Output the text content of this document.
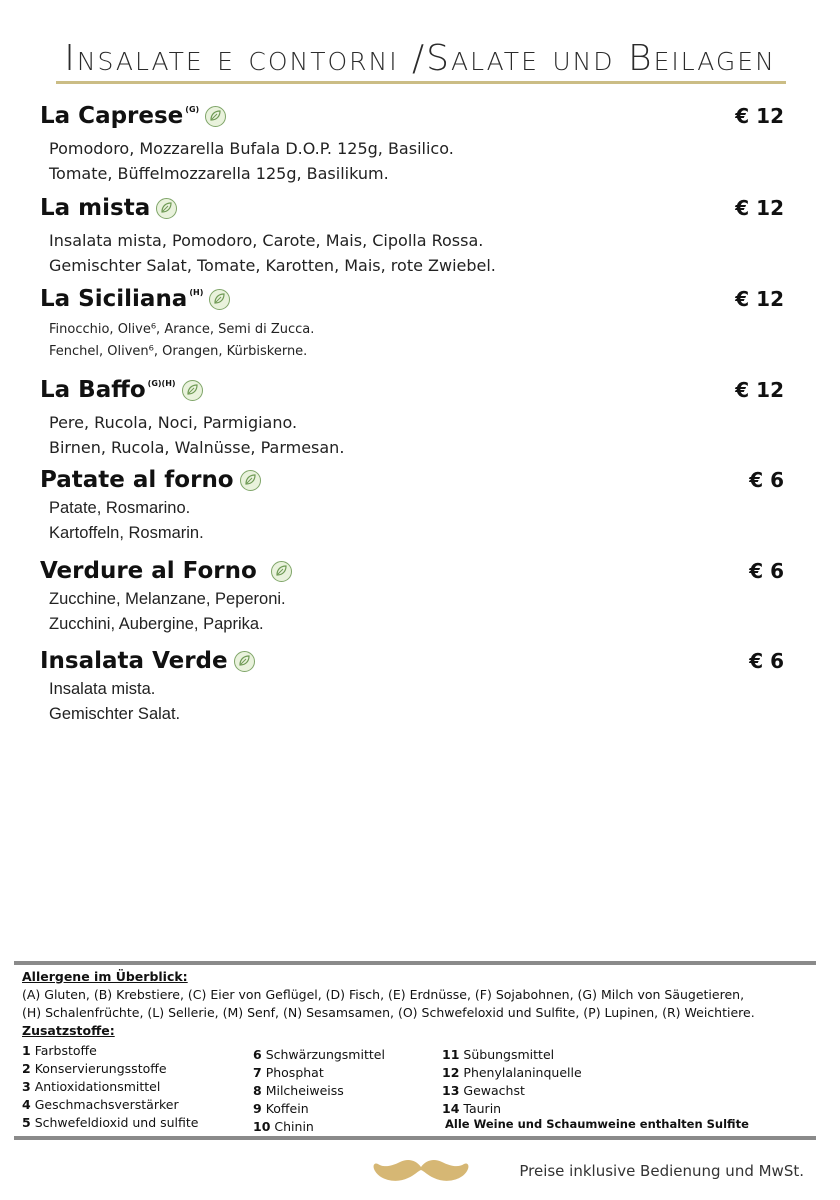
Insalate e contorni /Salate und Beilagen
La Caprese (G)	€ 12
Pomodoro, Mozzarella Bufala D.O.P. 125g, Basilico.
Tomate, Büffelmozzarella 125g, Basilikum.
La mista	€ 12
Insalata mista, Pomodoro, Carote, Mais, Cipolla Rossa.
Gemischter Salat, Tomate, Karotten, Mais, rote Zwiebel.
La Siciliana (H)	€ 12
Finocchio, Olive⁶, Arance, Semi di Zucca.
Fenchel, Oliven⁶, Orangen, Kürbiskerne.
La Baffo (G)(H)	€ 12
Pere, Rucola, Noci, Parmigiano.
Birnen, Rucola, Walnüsse, Parmesan.
Patate al forno	€ 6
Patate, Rosmarino.
Kartoffeln, Rosmarin.
Verdure al Forno	€ 6
Zucchine, Melanzane, Peperoni.
Zucchini, Aubergine, Paprika.
Insalata Verde	€ 6
Insalata mista.
Gemischter Salat.
Allergene im Überblick:
(A) Gluten, (B) Krebstiere, (C) Eier von Geflügel, (D) Fisch, (E) Erdnüsse, (F) Sojabohnen, (G) Milch von Säugetieren,
(H) Schalenfrüchte, (L) Sellerie, (M) Senf, (N) Sesamsamen, (O) Schwefeloxid und Sulfite, (P) Lupinen, (R) Weichtiere.
Zusatzstoffe:
1 Farbstoffe
2 Konservierungsstoffe
3 Antioxidationsmittel
4 Geschmachsverstärker
5 Schwefeldioxid und sulfite
6 Schwärzungsmittel
7 Phosphat
8 Milcheiweiss
9 Koffein
10 Chinin
11 Sübungsmittel
12 Phenylalaninquelle
13 Gewachst
14 Taurin
Alle Weine und Schaumweine enthalten Sulfite
Preise inklusive Bedienung und MwSt.
